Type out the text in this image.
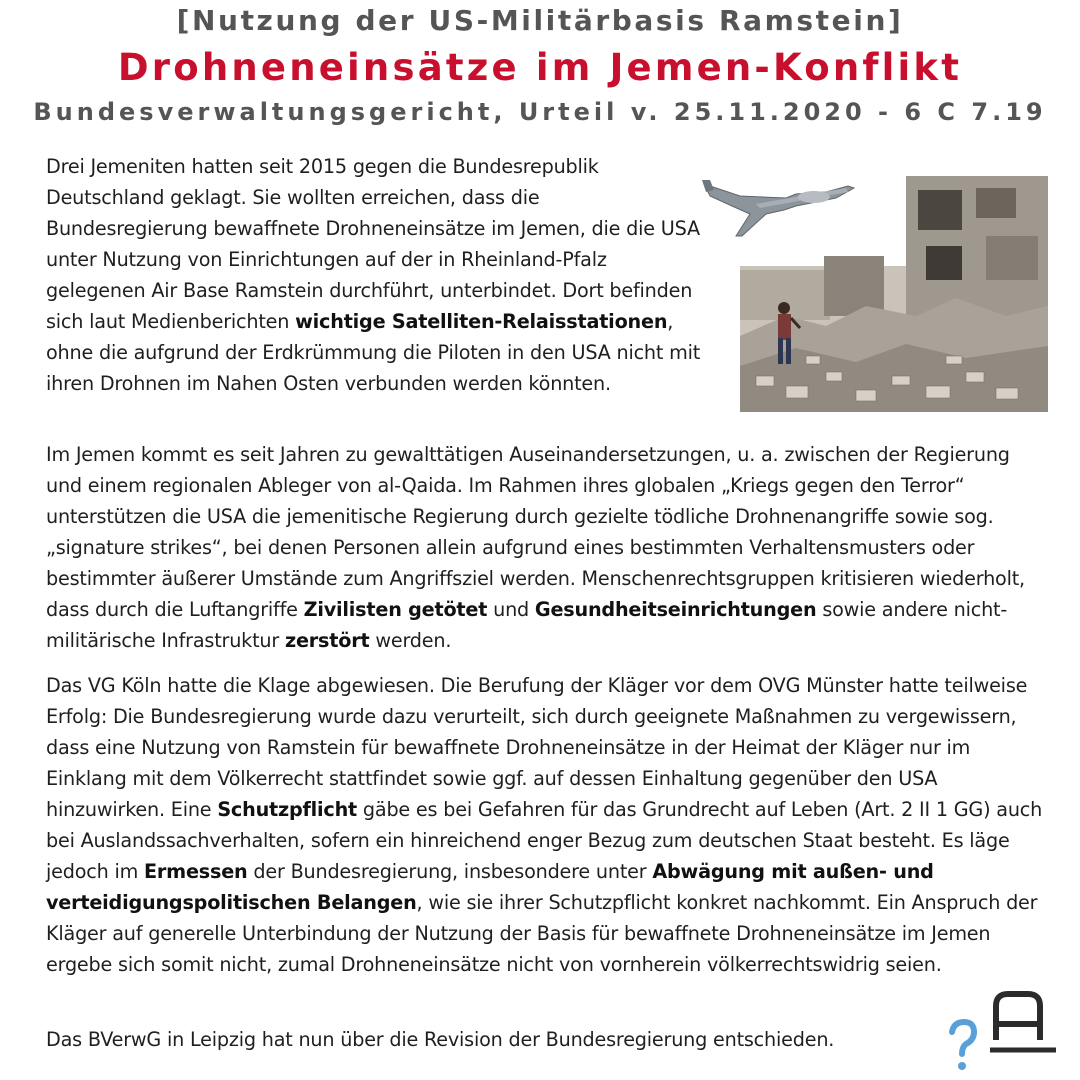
[Nutzung der US-Militärbasis Ramstein]
Drohneneinsätze im Jemen-Konflikt
Bundesverwaltungsgericht, Urteil v. 25.11.2020 - 6 C 7.19

Drei Jemeniten hatten seit 2015 gegen die Bundesrepublik Deutschland geklagt. Sie wollten erreichen, dass die Bundesregierung bewaffnete Drohneneinsätze im Jemen, die die USA unter Nutzung von Einrichtungen auf der in Rheinland-Pfalz gelegenen Air Base Ramstein durchführt, unterbindet. Dort befinden sich laut Medienberichten wichtige Satelliten-Relaisstationen, ohne die aufgrund der Erdkrümmung die Piloten in den USA nicht mit ihren Drohnen im Nahen Osten verbunden werden könnten.

Im Jemen kommt es seit Jahren zu gewalttätigen Auseinandersetzungen, u. a. zwischen der Regierung und einem regionalen Ableger von al-Qaida. Im Rahmen ihres globalen „Kriegs gegen den Terror“ unterstützen die USA die jemenitische Regierung durch gezielte tödliche Drohnenangriffe sowie sog. „signature strikes“, bei denen Personen allein aufgrund eines bestimmten Verhaltensmusters oder bestimmter äußerer Umstände zum Angriffsziel werden. Menschenrechtsgruppen kritisieren wiederholt, dass durch die Luftangriffe Zivilisten getötet und Gesundheitseinrichtungen sowie andere nicht-militärische Infrastruktur zerstört werden.

Das VG Köln hatte die Klage abgewiesen. Die Berufung der Kläger vor dem OVG Münster hatte teilweise Erfolg: Die Bundesregierung wurde dazu verurteilt, sich durch geeignete Maßnahmen zu vergewissern, dass eine Nutzung von Ramstein für bewaffnete Drohneneinsätze in der Heimat der Kläger nur im Einklang mit dem Völkerrecht stattfindet sowie ggf. auf dessen Einhaltung gegenüber den USA hinzuwirken. Eine Schutzpflicht gäbe es bei Gefahren für das Grundrecht auf Leben (Art. 2 II 1 GG) auch bei Auslandssachverhalten, sofern ein hinreichend enger Bezug zum deutschen Staat besteht. Es läge jedoch im Ermessen der Bundesregierung, insbesondere unter Abwägung mit außen- und verteidigungspolitischen Belangen, wie sie ihrer Schutzpflicht konkret nachkommt. Ein Anspruch der Kläger auf generelle Unterbindung der Nutzung der Basis für bewaffnete Drohneneinsätze im Jemen ergebe sich somit nicht, zumal Drohneneinsätze nicht von vornherein völkerrechtswidrig seien.

Das BVerwG in Leipzig hat nun über die Revision der Bundesregierung entschieden.
